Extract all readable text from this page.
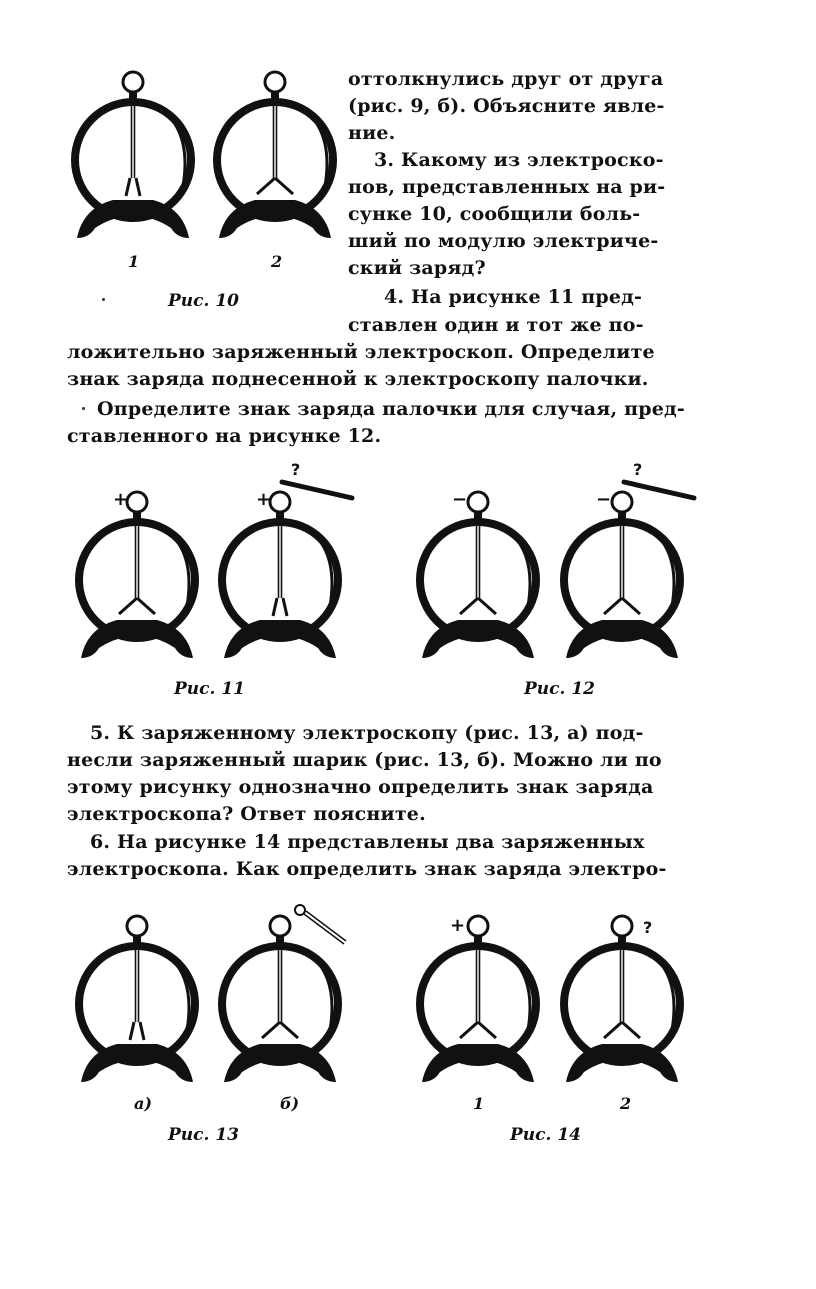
1	2
Рис. 10
оттолкнулись друг от друга
(рис. 9, б). Объясните явле-
ние.
3. Какому из электроско-
пов, представленных на ри-
сунке 10, сообщили боль-
ший по модулю электриче-
ский заряд?
4. На рисунке 11 пред-
ставлен один и тот же по-
ложительно заряженный электроскоп. Определите
знак заряда поднесенной к электроскопу палочки.
Определите знак заряда палочки для случая, пред-
ставленного на рисунке 12.
+	+
?
Рис. 11
−	−
?
Рис. 12
5. К заряженному электроскопу (рис. 13, а) под-
несли заряженный шарик (рис. 13, б). Можно ли по
этому рисунку однозначно определить знак заряда
электроскопа? Ответ поясните.
6. На рисунке 14 представлены два заряженных
электроскопа. Как определить знак заряда электро-
а)	б)
Рис. 13
+	?
1	2
Рис. 14
